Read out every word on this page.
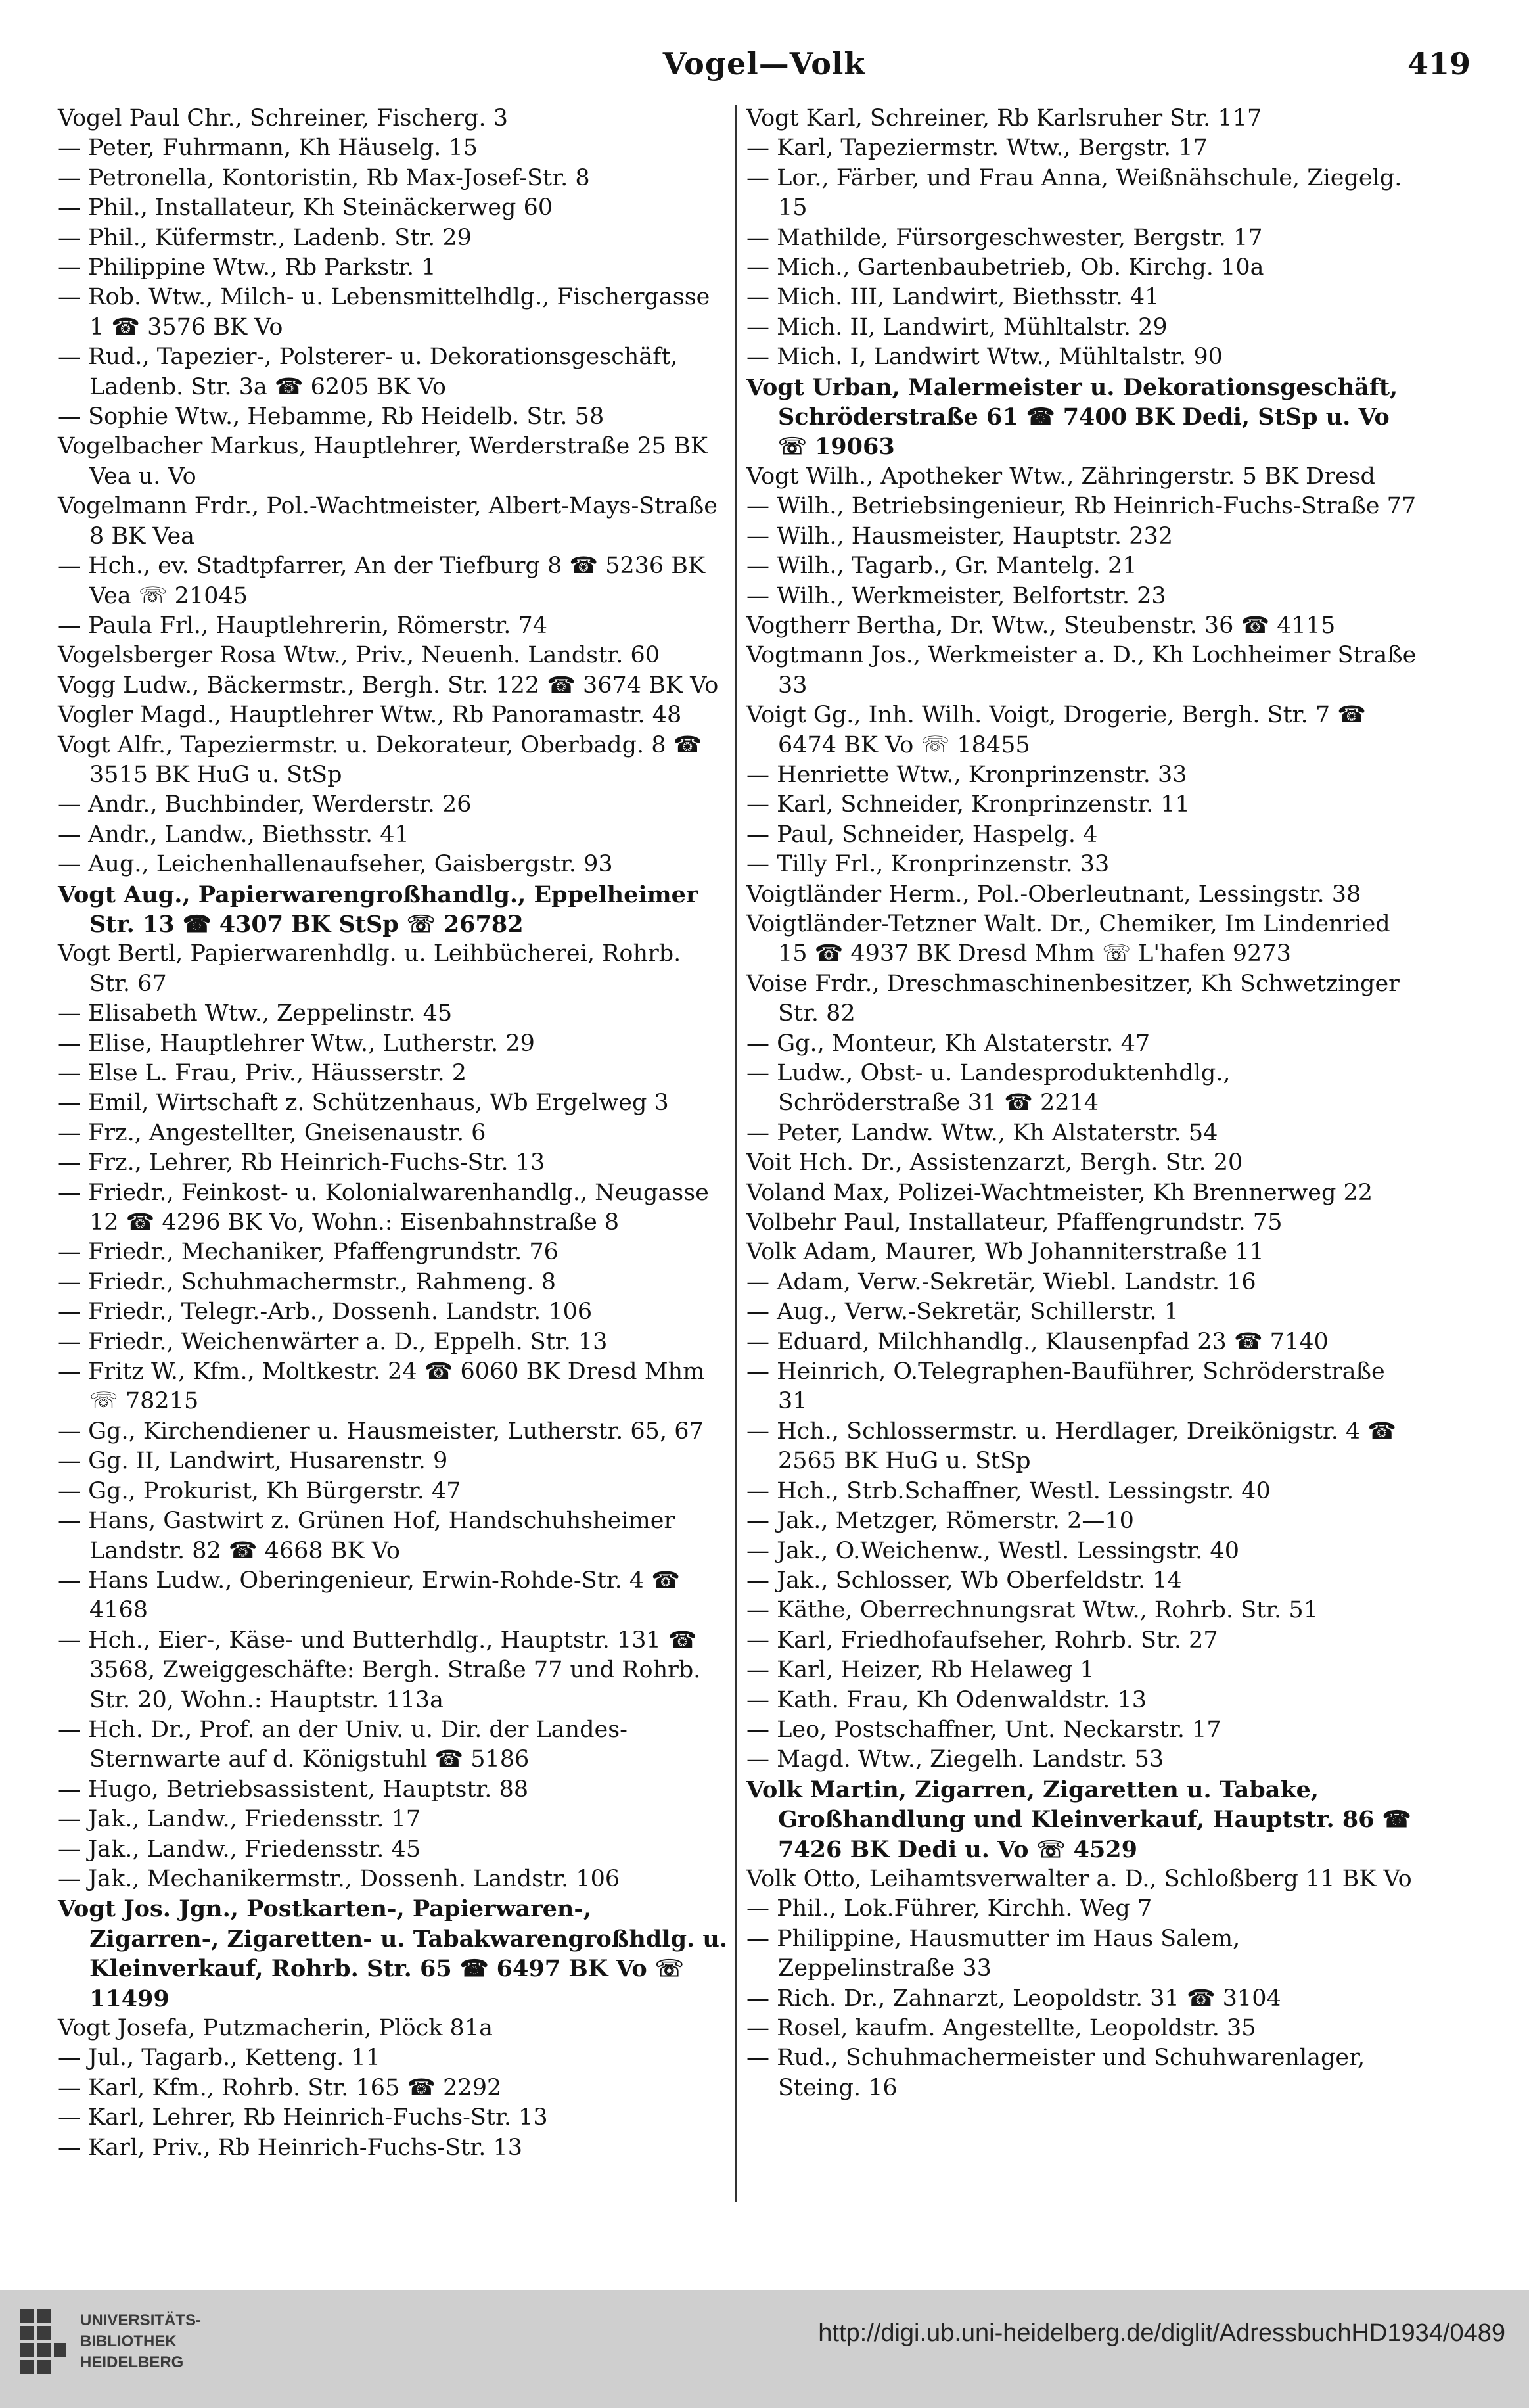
Vogel—Volk	419
Vogel Paul Chr., Schreiner, Fischerg. 3
— Peter, Fuhrmann, Kh Häuselg. 15
— Petronella, Kontoristin, Rb Max-Josef-Str. 8
— Phil., Installateur, Kh Steinäckerweg 60
— Phil., Küfermstr., Ladenb. Str. 29
— Philippine Wtw., Rb Parkstr. 1
— Rob. Wtw., Milch- u. Lebensmittelhdlg., Fischergasse 1 ☎ 3576 BK Vo
— Rud., Tapezier-, Polsterer- u. Dekorationsgeschäft, Ladenb. Str. 3a ☎ 6205 BK Vo
— Sophie Wtw., Hebamme, Rb Heidelb. Str. 58
Vogelbacher Markus, Hauptlehrer, Werderstraße 25 BK Vea u. Vo
Vogelmann Frdr., Pol.-Wachtmeister, Albert-Mays-Straße 8 BK Vea
— Hch., ev. Stadtpfarrer, An der Tiefburg 8 ☎ 5236 BK Vea ☏ 21045
— Paula Frl., Hauptlehrerin, Römerstr. 74
Vogelsberger Rosa Wtw., Priv., Neuenh. Landstr. 60
Vogg Ludw., Bäckermstr., Bergh. Str. 122 ☎ 3674 BK Vo
Vogler Magd., Hauptlehrer Wtw., Rb Panoramastr. 48
Vogt Alfr., Tapeziermstr. u. Dekorateur, Oberbadg. 8 ☎ 3515 BK HuG u. StSp
— Andr., Buchbinder, Werderstr. 26
— Andr., Landw., Biethsstr. 41
— Aug., Leichenhallenaufseher, Gaisbergstr. 93
Vogt Aug., Papierwarengroßhandlg., Eppelheimer Str. 13 ☎ 4307 BK StSp ☏ 26782
Vogt Bertl, Papierwarenhdlg. u. Leihbücherei, Rohrb. Str. 67
— Elisabeth Wtw., Zeppelinstr. 45
— Elise, Hauptlehrer Wtw., Lutherstr. 29
— Else L. Frau, Priv., Häusserstr. 2
— Emil, Wirtschaft z. Schützenhaus, Wb Ergelweg 3
— Frz., Angestellter, Gneisenaustr. 6
— Frz., Lehrer, Rb Heinrich-Fuchs-Str. 13
— Friedr., Feinkost- u. Kolonialwarenhandlg., Neugasse 12 ☎ 4296 BK Vo, Wohn.: Eisenbahnstraße 8
— Friedr., Mechaniker, Pfaffengrundstr. 76
— Friedr., Schuhmachermstr., Rahmeng. 8
— Friedr., Telegr.-Arb., Dossenh. Landstr. 106
— Friedr., Weichenwärter a. D., Eppelh. Str. 13
— Fritz W., Kfm., Moltkestr. 24 ☎ 6060 BK Dresd Mhm ☏ 78215
— Gg., Kirchendiener u. Hausmeister, Lutherstr. 65, 67
— Gg. II, Landwirt, Husarenstr. 9
— Gg., Prokurist, Kh Bürgerstr. 47
— Hans, Gastwirt z. Grünen Hof, Handschuhsheimer Landstr. 82 ☎ 4668 BK Vo
— Hans Ludw., Oberingenieur, Erwin-Rohde-Str. 4 ☎ 4168
— Hch., Eier-, Käse- und Butterhdlg., Hauptstr. 131 ☎ 3568, Zweiggeschäfte: Bergh. Straße 77 und Rohrb. Str. 20, Wohn.: Hauptstr. 113a
— Hch. Dr., Prof. an der Univ. u. Dir. der Landes-Sternwarte auf d. Königstuhl ☎ 5186
— Hugo, Betriebsassistent, Hauptstr. 88
— Jak., Landw., Friedensstr. 17
— Jak., Landw., Friedensstr. 45
— Jak., Mechanikermstr., Dossenh. Landstr. 106
Vogt Jos. Jgn., Postkarten-, Papierwaren-, Zigarren-, Zigaretten- u. Tabakwarengroßhdlg. u. Kleinverkauf, Rohrb. Str. 65 ☎ 6497 BK Vo ☏ 11499
Vogt Josefa, Putzmacherin, Plöck 81a
— Jul., Tagarb., Ketteng. 11
— Karl, Kfm., Rohrb. Str. 165 ☎ 2292
— Karl, Lehrer, Rb Heinrich-Fuchs-Str. 13
— Karl, Priv., Rb Heinrich-Fuchs-Str. 13
Vogt Karl, Schreiner, Rb Karlsruher Str. 117
— Karl, Tapeziermstr. Wtw., Bergstr. 17
— Lor., Färber, und Frau Anna, Weißnähschule, Ziegelg. 15
— Mathilde, Fürsorgeschwester, Bergstr. 17
— Mich., Gartenbaubetrieb, Ob. Kirchg. 10a
— Mich. III, Landwirt, Biethsstr. 41
— Mich. II, Landwirt, Mühltalstr. 29
— Mich. I, Landwirt Wtw., Mühltalstr. 90
Vogt Urban, Malermeister u. Dekorationsgeschäft, Schröderstraße 61 ☎ 7400 BK Dedi, StSp u. Vo ☏ 19063
Vogt Wilh., Apotheker Wtw., Zähringerstr. 5 BK Dresd
— Wilh., Betriebsingenieur, Rb Heinrich-Fuchs-Straße 77
— Wilh., Hausmeister, Hauptstr. 232
— Wilh., Tagarb., Gr. Mantelg. 21
— Wilh., Werkmeister, Belfortstr. 23
Vogtherr Bertha, Dr. Wtw., Steubenstr. 36 ☎ 4115
Vogtmann Jos., Werkmeister a. D., Kh Lochheimer Straße 33
Voigt Gg., Inh. Wilh. Voigt, Drogerie, Bergh. Str. 7 ☎ 6474 BK Vo ☏ 18455
— Henriette Wtw., Kronprinzenstr. 33
— Karl, Schneider, Kronprinzenstr. 11
— Paul, Schneider, Haspelg. 4
— Tilly Frl., Kronprinzenstr. 33
Voigtländer Herm., Pol.-Oberleutnant, Lessingstr. 38
Voigtländer-Tetzner Walt. Dr., Chemiker, Im Lindenried 15 ☎ 4937 BK Dresd Mhm ☏ L'hafen 9273
Voise Frdr., Dreschmaschinenbesitzer, Kh Schwetzinger Str. 82
— Gg., Monteur, Kh Alstaterstr. 47
— Ludw., Obst- u. Landesproduktenhdlg., Schröderstraße 31 ☎ 2214
— Peter, Landw. Wtw., Kh Alstaterstr. 54
Voit Hch. Dr., Assistenzarzt, Bergh. Str. 20
Voland Max, Polizei-Wachtmeister, Kh Brennerweg 22
Volbehr Paul, Installateur, Pfaffengrundstr. 75
Volk Adam, Maurer, Wb Johanniterstraße 11
— Adam, Verw.-Sekretär, Wiebl. Landstr. 16
— Aug., Verw.-Sekretär, Schillerstr. 1
— Eduard, Milchhandlg., Klausenpfad 23 ☎ 7140
— Heinrich, O.Telegraphen-Bauführer, Schröderstraße 31
— Hch., Schlossermstr. u. Herdlager, Dreikönigstr. 4 ☎ 2565 BK HuG u. StSp
— Hch., Strb.Schaffner, Westl. Lessingstr. 40
— Jak., Metzger, Römerstr. 2—10
— Jak., O.Weichenw., Westl. Lessingstr. 40
— Jak., Schlosser, Wb Oberfeldstr. 14
— Käthe, Oberrechnungsrat Wtw., Rohrb. Str. 51
— Karl, Friedhofaufseher, Rohrb. Str. 27
— Karl, Heizer, Rb Helaweg 1
— Kath. Frau, Kh Odenwaldstr. 13
— Leo, Postschaffner, Unt. Neckarstr. 17
— Magd. Wtw., Ziegelh. Landstr. 53
Volk Martin, Zigarren, Zigaretten u. Tabake, Großhandlung und Kleinverkauf, Hauptstr. 86 ☎ 7426 BK Dedi u. Vo ☏ 4529
Volk Otto, Leihamtsverwalter a. D., Schloßberg 11 BK Vo
— Phil., Lok.Führer, Kirchh. Weg 7
— Philippine, Hausmutter im Haus Salem, Zeppelinstraße 33
— Rich. Dr., Zahnarzt, Leopoldstr. 31 ☎ 3104
— Rosel, kaufm. Angestellte, Leopoldstr. 35
— Rud., Schuhmachermeister und Schuhwarenlager, Steing. 16
UNIVERSITÄTS-
BIBLIOTHEK
HEIDELBERG
http://digi.ub.uni-heidelberg.de/diglit/AdressbuchHD1934/0489
